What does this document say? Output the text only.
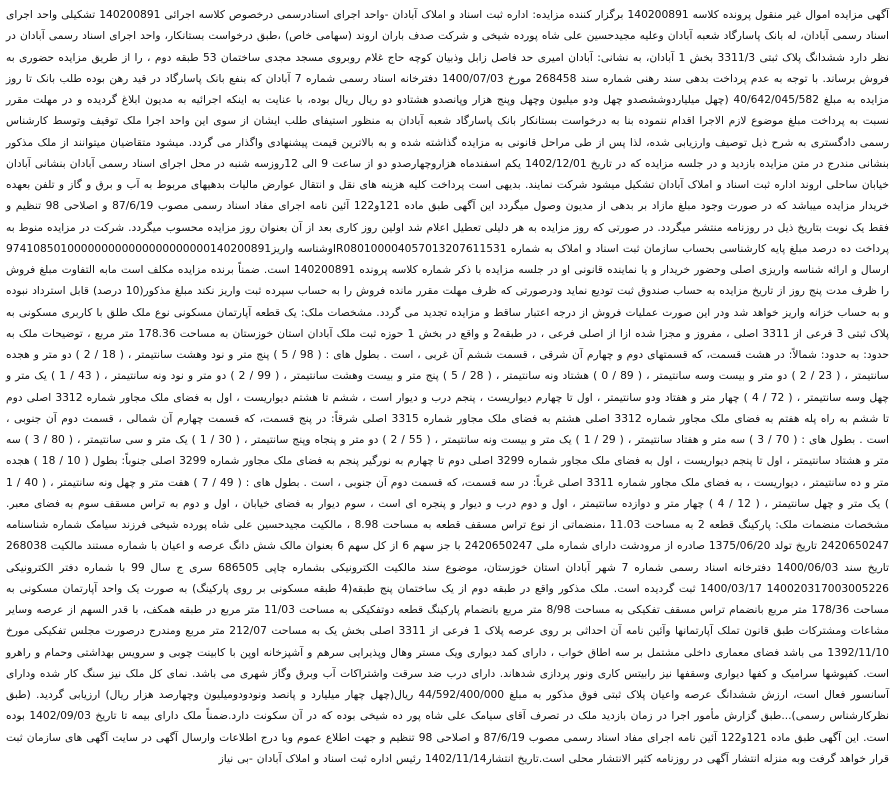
آگهی مزایده اموال غیر منقول پرونده کلاسه 140200891 برگزار کننده مزایده: اداره ثبت اسناد و املاک آبادان -واحد اجرای اسنادرسمی درخصوص کلاسه اجرائی 140200891 تشکیلی واحد اجرای اسناد رسمی آبادان، له بانک پاسارگاد شعبه آبادان وعلیه مجیدحسین علی شاه پورده شیخی و شرکت صدف باران اروند (سهامی خاص) ،طبق درخواست بستانکار، واحد اجرای اسناد رسمی آبادان در نظر دارد ششدانگ پلاک ثبتی 3311/3 بخش 1 آبادان، به نشانی: آبادان امیری حد فاصل زابل وذبیان کوچه حاج غلام روبروی مسجد مجدی ساختمان 53 طبقه دوم ، را از طریق مزایده حضوری به فروش برساند. با توجه به عدم پرداخت بدهی سند رهنی شماره سند 268458 مورخ 1400/07/03 دفترخانه اسناد رسمی شماره 7 آبادان که بنفع بانک پاسارگاد در قید رهن بوده طلب بانک تا روز مزایده به مبلغ 40/642/045/582 (چهل میلیاردوششصدو چهل ودو میلیون وچهل وپنج هزار وپانصدو هشتادو دو ریال ریال بوده، با عنایت به اینکه اجرائیه به مدیون ابلاغ گردیده و در مهلت مقرر نسبت به پرداخت مبلغ موضوع لازم الاجرا اقدام ننموده بنا به درخواست بستانکار بانک پاسارگاد شعبه آبادان به منظور استیفای طلب ایشان از سوی این واحد اجرا ملک توقیف وتوسط کارشناس رسمی دادگستری به شرح ذیل توصیف وارزیابی شده، لذا پس از طی مراحل قانونی به مزایده گذاشته شده و به بالاترین قیمت پیشنهادی واگذار می گردد. میشود متقاضیان میتوانند از ملک مذکور بنشانی مندرج در متن مزایده بازدید و در جلسه مزایده که در تاریخ 1402/12/01 یکم اسفندماه هزاروچهارصدو دو از ساعت 9 الی 12روزسه شنبه در محل اجرای اسناد رسمی آبادان بنشانی آبادان خیابان ساحلی اروند اداره ثبت اسناد و املاک آبادان تشکیل میشود شرکت نمایند. بدیهی است پرداخت کلیه هزینه های نقل و انتقال عوارض مالیات بدهیهای مربوط به آب و برق و گاز و تلفن بعهده خریدار مزایده میباشد که در صورت وجود مبلغ مازاد بر بدهی از مدیون وصول میگردد این آگهی طبق ماده 121و122 آئین نامه اجرای مفاد اسناد رسمی مصوب 87/6/19 و اصلاحی 98 تنظیم و فقط یک نوبت بتاریخ ذیل در روزنامه منتشر میگردد. در صورتی که روز مزایده به هر دلیلی تعطیل اعلام شد اولین روز کاری بعد از آن بعنوان روز مزایده محسوب میگردد. شرکت در مزایده منوط به پرداخت ده درصد مبلغ پایه کارشناسی بحساب سازمان ثبت اسناد و املاک به شماره IR080100004057013207611531وشناسه واریز974108501000000000000000000000140200891 ارسال و ارائه شناسه واریزی اصلی وحضور خریدار و یا نماینده قانونی او در جلسه مزایده با ذکر شماره کلاسه پرونده 140200891 است. ضمناً برنده مزایده مکلف است مابه التفاوت مبلغ فروش را ظرف مدت پنج روز از تاریخ مزایده به حساب صندوق ثبت تودیع نماید ودرصورتی که ظرف مهلت مقرر مانده فروش را به حساب سپرده ثبت واریز نکند مبلغ مذکور(10 درصد) قابل استرداد نبوده و به حساب خزانه واریز خواهد شد ودر این صورت عملیات فروش از درجه اعتبار ساقط و مزایده تجدید می گردد. مشخصات ملک: یک قطعه آپارتمان مسکونی نوع ملک طلق با کاربری مسکونی به پلاک ثبتی 3 فرعی از 3311 اصلی ، مفروز و مجزا شده ازا از اصلی فرعی ، در طبقه2 و واقع در بخش 1 حوزه ثبت ملک آبادان استان خوزستان به مساحت 178.36 متر مربع ، توضیحات ملک به حدود: به حدود: شمالاً: در هشت قسمت، که قسمتهای دوم و چهارم آن شرقی ، قسمت ششم آن غربی ، است . بطول های : ( 98 / 5 ) پنج متر و نود وهشت سانتیمتر ، ( 18 / 2 ) دو متر و هجده سانتیمتر ، ( 23 / 2 ) دو متر و بیست وسه سانتیمتر ، ( 89 / 0 ) هشتاد ونه سانتیمتر ، ( 28 / 5 ) پنج متر و بیست وهشت سانتیمتر ، ( 99 / 2 ) دو متر و نود ونه سانتیمتر ، ( 43 / 1 ) یک متر و چهل وسه سانتیمتر ، ( 72 / 4 ) چهار متر و هفتاد ودو سانتیمتر ، اول تا چهارم دیواریست ، پنجم درب و دیوار است ، ششم تا هشتم دیواریست ، اول به فضای ملک مجاور شماره 3312 اصلی دوم تا ششم به راه پله هفتم به فضای ملک مجاور شماره 3312 اصلی هشتم به فضای ملک مجاور شماره 3315 اصلی شرقاً: در پنج قسمت، که قسمت چهارم آن شمالی ، قسمت دوم آن جنوبی ، است . بطول های : ( 70 / 3 ) سه متر و هفتاد سانتیمتر ، ( 29 / 1 ) یک متر و بیست ونه سانتیمتر ، ( 55 / 2 ) دو متر و پنجاه وپنج سانتیمتر ، ( 30 / 1 ) یک متر و سی سانتیمتر ، ( 80 / 3 ) سه متر و هشتاد سانتیمتر ، اول تا پنجم دیواریست ، اول به فضای ملک مجاور شماره 3299 اصلی دوم تا چهارم به نورگیر پنجم به فضای ملک مجاور شماره 3299 اصلی جنوباً: بطول ( 10 / 18 ) هجده متر و ده سانتیمتر ، دیواریست ، به فضای ملک مجاور شماره 3311 اصلی غرباً: در سه قسمت، که قسمت دوم آن جنوبی ، است . بطول های : ( 49 / 7 ) هفت متر و چهل ونه سانتیمتر ، ( 40 / 1 ) یک متر و چهل سانتیمتر ، ( 12 / 4 ) چهار متر و دوازده سانتیمتر ، اول و دوم درب و دیوار و پنجره ای است ، سوم دیوار به فضای خیابان ، اول و دوم به تراس مسقف سوم به فضای معبر. مشخصات منضمات ملک: پارکینگ قطعه 2 به مساحت 11.03 ،منضماتی از نوع تراس مسقف قطعه به مساحت 8.98 ، مالکیت مجیدحسین علی شاه پورده شیخی فرزند سیامک شماره شناسنامه 2420650247 تاریخ تولد 1375/06/20 صادره از مرودشت دارای شماره ملی 2420650247 با جز سهم 6 از کل سهم 6 بعنوان مالک شش دانگ عرصه و اعیان با شماره مستند مالکیت 268038 تاریخ سند 1400/06/03 دفترخانه اسناد رسمی شماره 7 شهر آبادان استان خوزستان، موضوع سند مالکیت الکترونیکی بشماره چاپی 686505 سری ج سال 99 با شماره دفتر الکترونیکی 140020317003005226 1400/03/17 ثبت گردیده است. ملک مذکور واقع در طبقه دوم از یک ساختمان پنج طبقه(4 طبقه مسکونی بر روی پارکینگ) به صورت یک واحد آپارتمان مسکونی به مساحت 178/36 متر مربع بانضمام تراس مسقف تفکیکی به مساحت 8/98 متر مربع بانضمام پارکینگ قطعه دوتفکیکی به مساحت 11/03 متر مربع در طبقه همکف، با قدر السهم از عرصه وسایر مشاعات ومشترکات طبق قانون تملک آپارتمانها وآئین نامه آن احداثی بر روی عرصه پلاک 1 فرعی از 3311 اصلی بخش یک به مساحت 212/07 متر مربع ومندرج درصورت مجلس تفکیکی مورخ 1392/11/10 می باشد فضای معماری داخلی مشتمل بر سه اطاق خواب ، دارای کمد دیواری ویک مستر وهال وپذیرایی سرهم و آشپزخانه اوپن با کابینت چوبی و سرویس بهداشتی وحمام و راهرو است. کفپوشها سرامیک و کفها دیواری وسقفها نیز رابیتس کاری ونور پردازی شدهاند. دارای درب ضد سرقت واشتراکات آب وبرق وگاز شهری می باشد. نمای کل ملک نیز سنگ کار شده ودارای آسانسور فعال است، ارزش ششدانگ عرصه واعیان پلاک ثبتی فوق مذکور به مبلغ 44/592/400/000 ریال(چهل چهار میلیارد و پانصد ونودودومیلیون وچهارصد هزار ریال) ارزیابی گردید. (طبق نظرکارشناس رسمی)...طبق گزارش مأمور اجرا در زمان بازدید ملک در تصرف آقای سیامک علی شاه پور ده شیخی بوده که در آن سکونت دارد.ضمناً ملک دارای بیمه تا تاریخ 1402/09/03 بوده است. این آگهی طبق ماده 121و122 آئین نامه اجرای مفاد اسناد رسمی مصوب 87/6/19 و اصلاحی 98 تنظیم و جهت اطلاع عموم وبا درج اطلاعات وارسال آگهی در سایت آگهی های سازمان ثبت قرار خواهد گرفت وبه منزله انتشار آگهی در روزنامه کثیر الانتشار محلی است.تاریخ انتشار1402/11/14 رئیس اداره ثبت اسناد و املاک آبادان -بی نیاز
